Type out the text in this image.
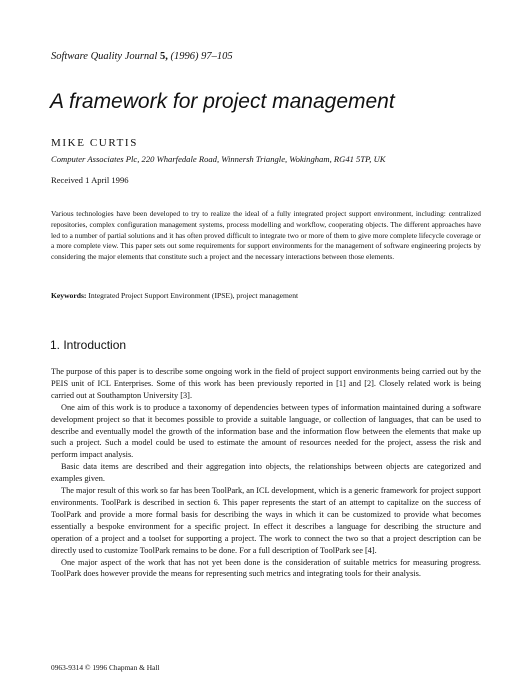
Software Quality Journal 5, (1996) 97–105
A framework for project management
MIKE CURTIS
Computer Associates Plc, 220 Wharfedale Road, Winnersh Triangle, Wokingham, RG41 5TP, UK
Received 1 April 1996

Various technologies have been developed to try to realize the ideal of a fully integrated project support environment, including: centralized repositories, complex configuration management systems, process modelling and workflow, cooperating objects. The different approaches have led to a number of partial solutions and it has often proved difficult to integrate two or more of them to give more complete lifecycle coverage or a more complete view. This paper sets out some requirements for support environments for the management of software engineering projects by considering the major elements that constitute such a project and the necessary interactions between those elements.

Keywords: Integrated Project Support Environment (IPSE), project management
1. Introduction

The purpose of this paper is to describe some ongoing work in the field of project support environments being carried out by the PEIS unit of ICL Enterprises. Some of this work has been previously reported in [1] and [2]. Closely related work is being carried out at Southampton University [3].

One aim of this work is to produce a taxonomy of dependencies between types of information maintained during a software development project so that it becomes possible to provide a suitable language, or collection of languages, that can be used to describe and eventually model the growth of the information base and the information flow between the elements that make up such a project. Such a model could be used to estimate the amount of resources needed for the project, assess the risk and perform impact analysis.

Basic data items are described and their aggregation into objects, the relationships between objects are categorized and examples given.

The major result of this work so far has been ToolPark, an ICL development, which is a generic framework for project support environments. ToolPark is described in section 6. This paper represents the start of an attempt to capitalize on the success of ToolPark and provide a more formal basis for describing the ways in which it can be customized to provide what becomes essentially a bespoke environment for a specific project. In effect it describes a language for describing the structure and operation of a project and a toolset for supporting a project. The work to connect the two so that a project description can be directly used to customize ToolPark remains to be done. For a full description of ToolPark see [4].

One major aspect of the work that has not yet been done is the consideration of suitable metrics for measuring progress. ToolPark does however provide the means for representing such metrics and integrating tools for their analysis.

0963-9314 © 1996 Chapman & Hall
